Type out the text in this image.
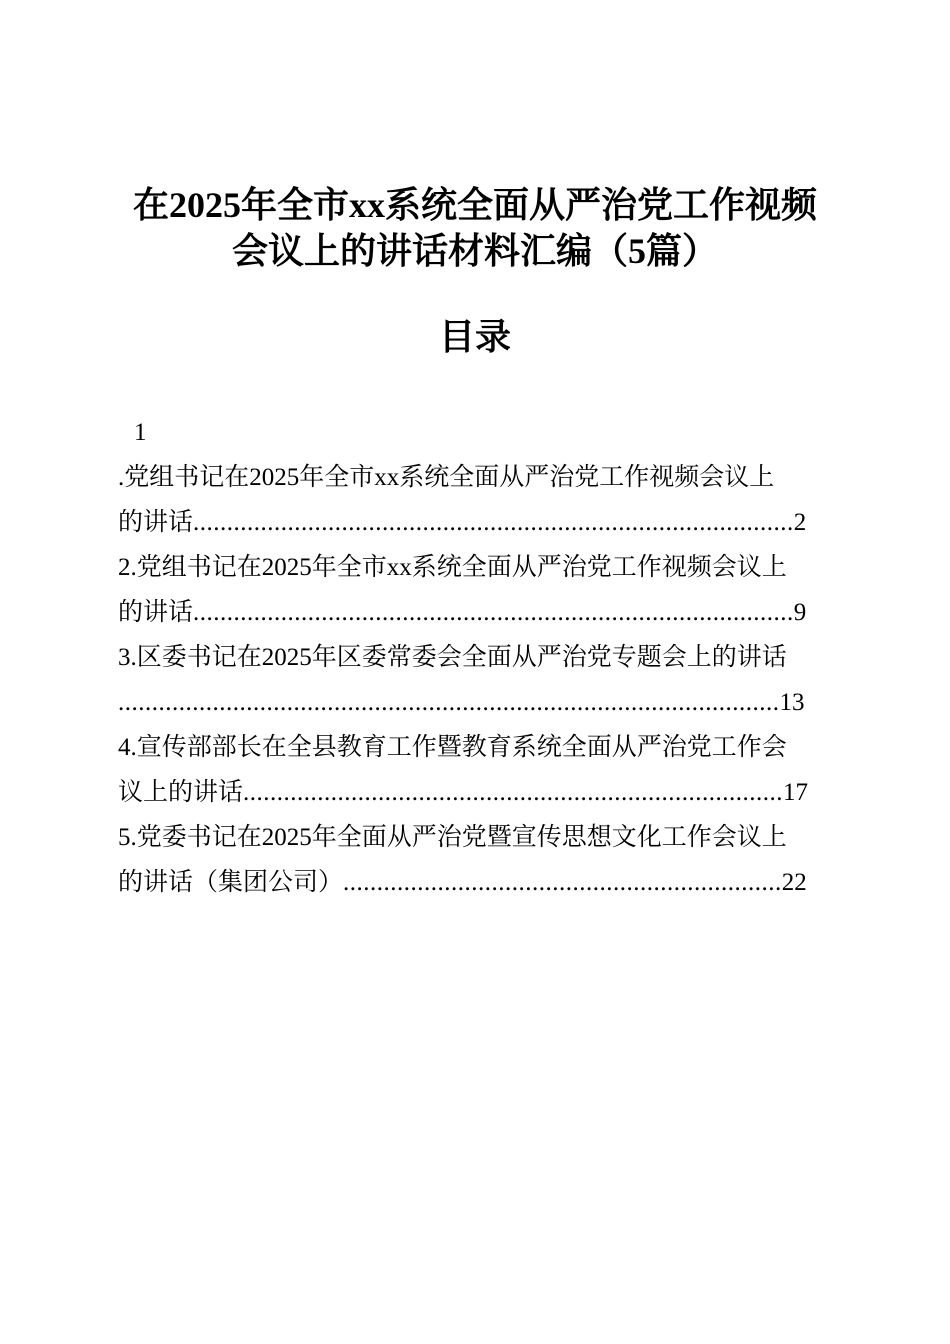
在2025年全市xx系统全面从严治党工作视频
会议上的讲话材料汇编（5篇）
目录
1
.党组书记在2025年全市xx系统全面从严治党工作视频会议上
的讲话.........................................................................................2
2.党组书记在2025年全市xx系统全面从严治党工作视频会议上
的讲话.........................................................................................9
3.区委书记在2025年区委常委会全面从严治党专题会上的讲话
..................................................................................................13
4.宣传部部长在全县教育工作暨教育系统全面从严治党工作会
议上的讲话................................................................................17
5.党委书记在2025年全面从严治党暨宣传思想文化工作会议上
的讲话（集团公司）.................................................................22
